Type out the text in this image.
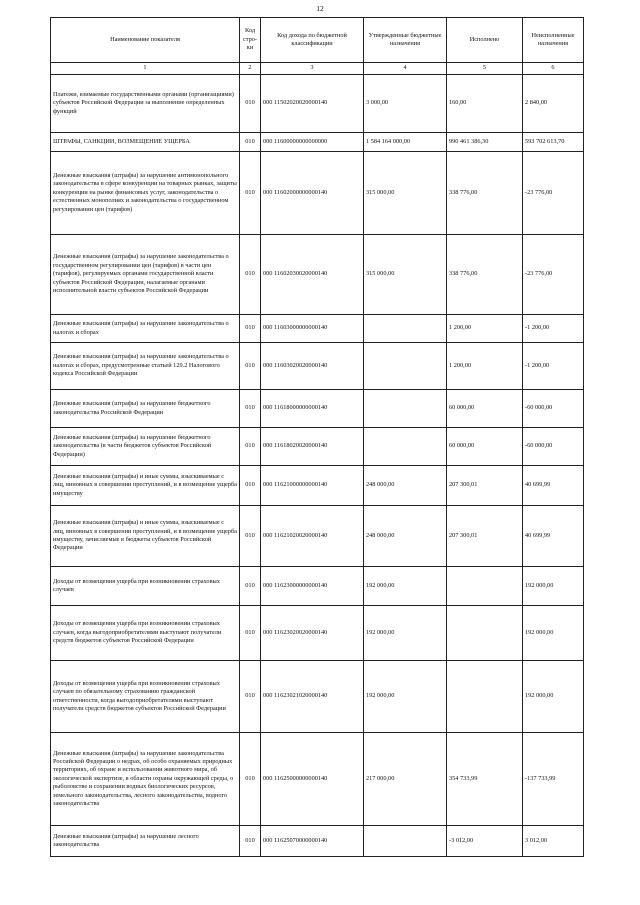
12
Наименование показателя	Код стро-ки	Код дохода по бюджетной классификации	Утвержденные бюджетные назначения	Исполнено	Неисполненные назначения
1	2	3	4	5	6
Платежи, взимаемые государственными органами (организациями) субъектов Российской Федерации за выполнение определенных функций	010	000 11502020020000140	3 000,00	160,00	2 840,00
ШТРАФЫ, САНКЦИИ, ВОЗМЕЩЕНИЕ УЩЕРБА	010	000 11600000000000000	1 584 164 000,00	990 461 386,30	593 702 613,70
Денежные взыскания (штрафы) за нарушение антимонопольного законодательства в сфере конкуренции на товарных рынках, защиты конкуренции на рынке финансовых услуг, законодательства о естественных монополиях и законодательства о государственном регулировании цен (тарифов)	010	000 11602000000000140	315 000,00	338 776,00	-23 776,00
Денежные взыскания (штрафы) за нарушение законодательства о государственном регулировании цен (тарифов) в части цен (тарифов), регулируемых органами государственной власти субъектов Российской Федерации, налагаемые органами исполнительной власти субъектов Российской Федерации	010	000 11602030020000140	315 000,00	338 776,00	-23 776,00
Денежные взыскания (штрафы) за нарушение законодательства о налогах и сборах	010	000 11603000000000140		1 200,00	-1 200,00
Денежные взыскания (штрафы) за нарушение законодательства о налогах и сборах, предусмотренные статьей 129.2 Налогового кодекса Российской Федерации	010	000 11603020020000140		1 200,00	-1 200,00
Денежные взыскания (штрафы) за нарушение бюджетного законодательства Российской Федерации	010	000 11618000000000140		60 000,00	-60 000,00
Денежные взыскания (штрафы) за нарушение бюджетного законодательства (в части бюджетов субъектов Российской Федерации)	010	000 11618020020000140		60 000,00	-60 000,00
Денежные взыскания (штрафы) и иные суммы, взыскиваемые с лиц, виновных в совершении преступлений, и в возмещение ущерба имуществу	010	000 11621000000000140	248 000,00	207 300,01	40 699,99
Денежные взыскания (штрафы) и иные суммы, взыскиваемые с лиц, виновных в совершении преступлений, и в возмещение ущерба имуществу, зачисляемые в бюджеты субъектов Российской Федерации	010	000 11621020020000140	248 000,00	207 300,01	40 699,99
Доходы от возмещения ущерба при возникновении страховых случаев	010	000 11623000000000140	192 000,00		192 000,00
Доходы от возмещения ущерба при возникновении страховых случаев, когда выгодоприобретателями выступают получатели средств бюджетов субъектов Российской Федерации	010	000 11623020020000140	192 000,00		192 000,00
Доходы от возмещения ущерба при возникновении страховых случаев по обязательному страхованию гражданской ответственности, когда выгодоприобретателями выступают получатели средств бюджетов субъектов Российской Федерации	010	000 11623021020000140	192 000,00		192 000,00
Денежные взыскания (штрафы) за нарушение законодательства Российской Федерации о недрах, об особо охраняемых природных территориях, об охране и использовании животного мира, об экологической экспертизе, в области охраны окружающей среды, о рыболовстве и сохранении водных биологических ресурсов, земельного законодательства, лесного законодательства, водного законодательства	010	000 11625000000000140	217 000,00	354 733,99	-137 733,99
Денежные взыскания (штрафы) за нарушение лесного законодательства	010	000 11625070000000140		-3 012,00	3 012,00
